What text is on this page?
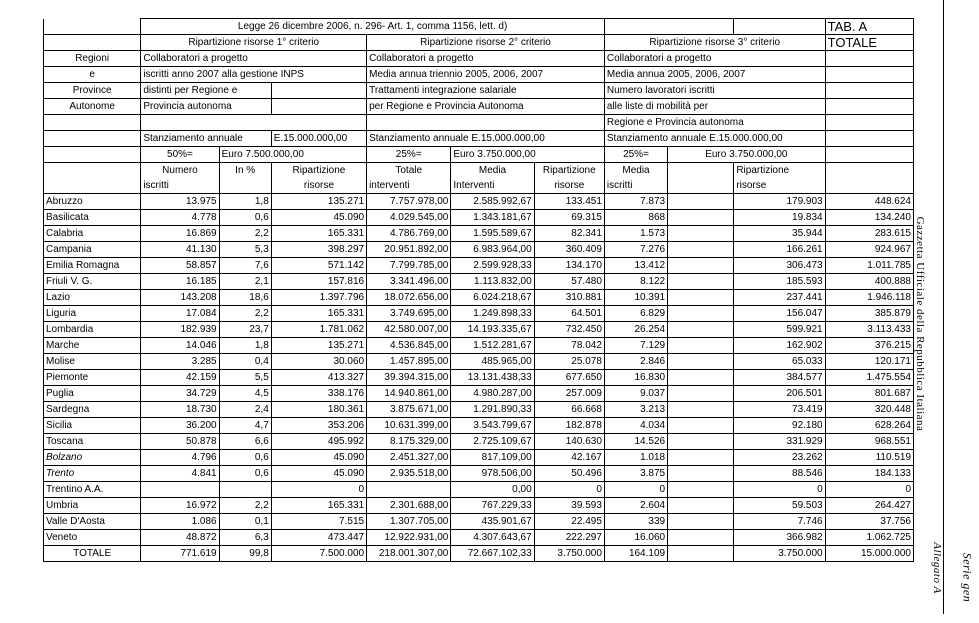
	Legge 26 dicembre 2006, n. 296- Art. 1, comma 1156, lett. d)									TAB. A
	Ripartizione risorse 1° criterio			Ripartizione risorse 2° criterio			Ripartizione risorse 3° criterio			TOTALE
Regioni	Collaboratori a progetto			Collaboratori a progetto			Collaboratori a progetto			
e	iscritti anno 2007 alla gestione INPS			Media annua triennio 2005, 2006, 2007			Media annua 2005, 2006, 2007			
Province	distinti per Regione e			Trattamenti integrazione salariale			Numero lavoratori iscritti			
Autonome	Provincia autonoma			per Regione e Provincia Autonoma			alle liste di mobilità per			
							Regione e Provincia autonoma			
	Stanziamento annuale		E.15.000.000,00	Stanziamento annuale E.15.000.000,00			Stanziamento annuale E.15.000.000,00			
	50%=	Euro 7.500.000,00		25%=	Euro 3.750.000,00		25%=	Euro 3.750.000,00		
	Numero	In %	Ripartizione	Totale	Media	Ripartizione	Media		Ripartizione	
	iscritti		risorse	interventi	Interventi	risorse	iscritti		risorse	
Abruzzo	13.975	1,8	135.271	7.757.978,00	2.585.992,67	133.451	7.873		179.903	448.624
Basilicata	4.778	0,6	45.090	4.029.545,00	1.343.181,67	69.315	868		19.834	134.240
Calabria	16.869	2,2	165.331	4.786.769,00	1.595.589,67	82.341	1.573		35.944	283.615
Campania	41.130	5,3	398.297	20.951.892,00	6.983.964,00	360.409	7.276		166.261	924.967
Emilia Romagna	58.857	7,6	571.142	7.799.785,00	2.599.928,33	134.170	13.412		306.473	1.011.785
Friuli V. G.	16.185	2,1	157.816	3.341.496,00	1.113.832,00	57.480	8.122		185.593	400.888
Lazio	143.208	18,6	1.397.796	18.072.656,00	6.024.218,67	310.881	10.391		237.441	1.946.118
Liguria	17.084	2,2	165.331	3.749.695,00	1.249.898,33	64.501	6.829		156.047	385.879
Lombardia	182.939	23,7	1.781.062	42.580.007,00	14.193.335,67	732.450	26.254		599.921	3.113.433
Marche	14.046	1,8	135.271	4.536.845,00	1.512.281,67	78.042	7.129		162.902	376.215
Molise	3.285	0,4	30.060	1.457.895,00	485.965,00	25.078	2.846		65.033	120.171
Piemonte	42.159	5,5	413.327	39.394.315,00	13.131.438,33	677.650	16.830		384.577	1.475.554
Puglia	34.729	4,5	338.176	14.940.861,00	4.980.287,00	257.009	9.037		206.501	801.687
Sardegna	18.730	2,4	180.361	3.875.671,00	1.291.890,33	66.668	3.213		73.419	320.448
Sicilia	36.200	4,7	353.206	10.631.399,00	3.543.799,67	182.878	4.034		92.180	628.264
Toscana	50.878	6,6	495.992	8.175.329,00	2.725.109,67	140.630	14.526		331.929	968.551
Bolzano	4.796	0,6	45.090	2.451.327,00	817.109,00	42.167	1.018		23.262	110.519
Trento	4.841	0,6	45.090	2.935.518,00	978.506,00	50.496	3.875		88.546	184.133
Trentino A.A.			0		0,00	0	0		0	0
Umbria	16.972	2,2	165.331	2.301.688,00	767.229,33	39.593	2.604		59.503	264.427
Valle D'Aosta	1.086	0,1	7.515	1.307.705,00	435.901,67	22.495	339		7.746	37.756
Veneto	48.872	6,3	473.447	12.922.931,00	4.307.643,67	222.297	16.060		366.982	1.062.725
TOTALE	771.619	99,8	7.500.000	218.001.307,00	72.667.102,33	3.750.000	164.109		3.750.000	15.000.000
Gazzetta Ufficiale della Repubblica Italiana
Allegato A Serie gen
